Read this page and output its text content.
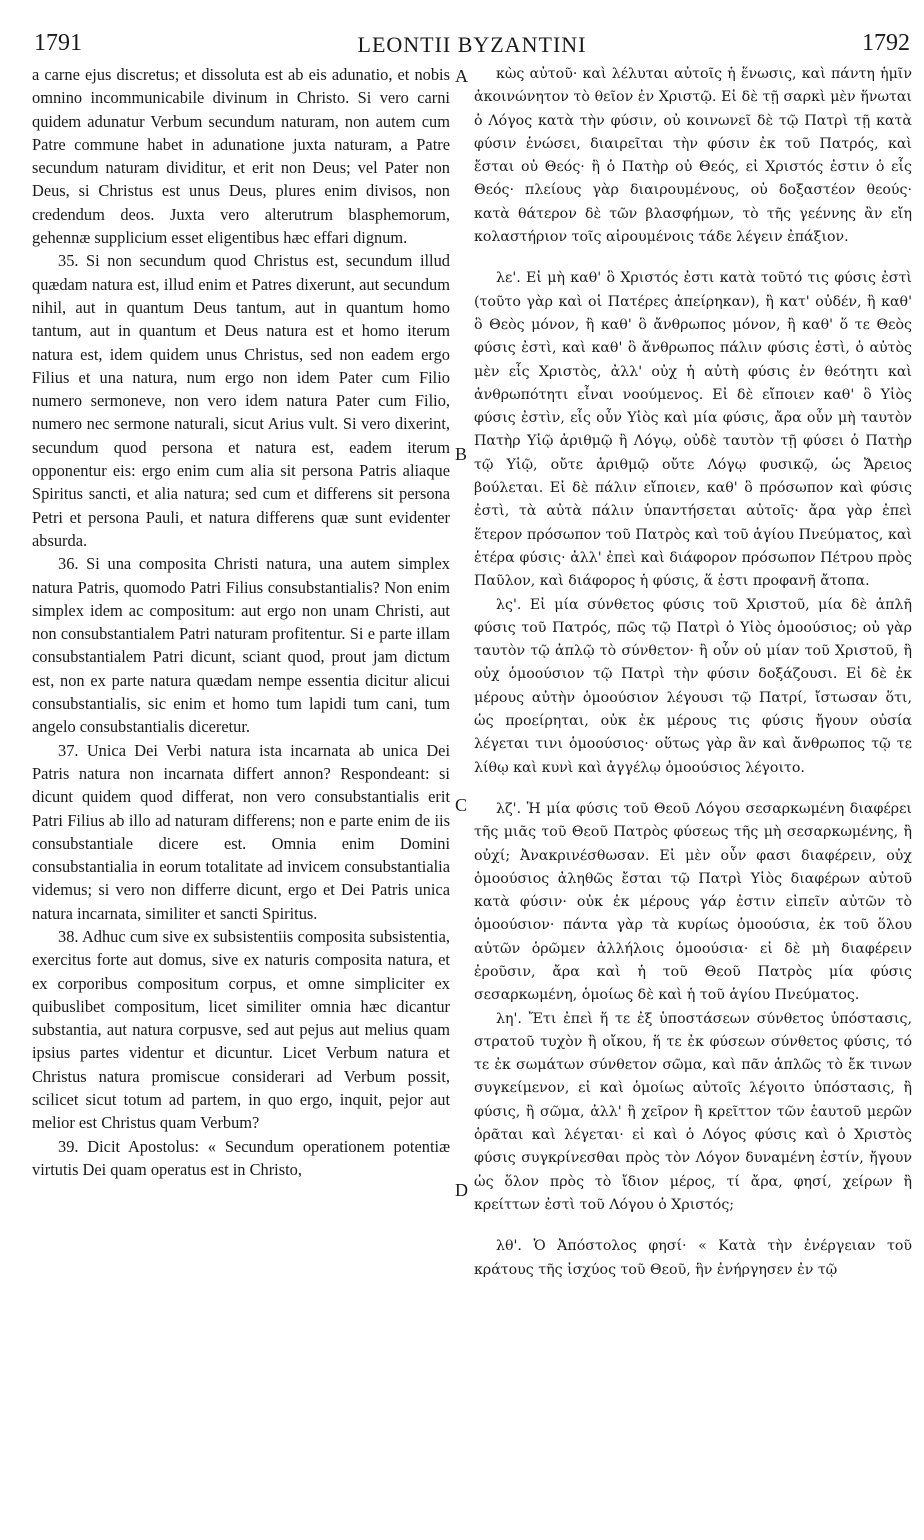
1791	LEONTII BYZANTINI	1792

a carne ejus discretus; et dissoluta est ab eis adunatio, et nobis omnino incommunicabile divinum in Christo. Si vero carni quidem adunatur Verbum secundum naturam, non autem cum Patre commune habet in adunatione juxta naturam, a Patre secundum naturam dividitur, et erit non Deus; vel Pater non Deus, si Christus est unus Deus, plures enim divisos, non credendum deos. Juxta vero alterutrum blasphemorum, gehennæ supplicium esset eligentibus hæc effari dignum.

35. Si non secundum quod Christus est, secundum illud quædam natura est, illud enim et Patres dixerunt, aut secundum nihil, aut in quantum Deus tantum, aut in quantum homo tantum, aut in quantum et Deus natura est et homo iterum natura est, idem quidem unus Christus, sed non eadem ergo Filius et una natura, num ergo non idem Pater cum Filio numero sermoneve, non vero idem natura Pater cum Filio, numero nec sermone naturali, sicut Arius vult. Si vero dixerint, secundum quod persona et natura est, eadem iterum opponentur eis: ergo enim cum alia sit persona Patris aliaque Spiritus sancti, et alia natura; sed cum et differens sit persona Petri et persona Pauli, et natura differens quæ sunt evidenter absurda.

36. Si una composita Christi natura, una autem simplex natura Patris, quomodo Patri Filius consubstantialis? Non enim simplex idem ac compositum: aut ergo non unam Christi, aut non consubstantialem Patri naturam profitentur. Si e parte illam consubstantialem Patri dicunt, sciant quod, prout jam dictum est, non ex parte natura quædam nempe essentia dicitur alicui consubstantialis, sic enim et homo tum lapidi tum cani, tum angelo consubstantialis diceretur.

37. Unica Dei Verbi natura ista incarnata ab unica Dei Patris natura non incarnata differt annon? Respondeant: si dicunt quidem quod differat, non vero consubstantialis erit Patri Filius ab illo ad naturam differens; non e parte enim de iis consubstantiale dicere est. Omnia enim Domini consubstantialia in eorum totalitate ad invicem consubstantialia videmus; si vero non differre dicunt, ergo et Dei Patris unica natura incarnata, similiter et sancti Spiritus.

38. Adhuc cum sive ex subsistentiis composita subsistentia, exercitus forte aut domus, sive ex naturis composita natura, et ex corporibus compositum corpus, et omne simpliciter ex quibuslibet compositum, licet similiter omnia hæc dicantur substantia, aut natura corpusve, sed aut pejus aut melius quam ipsius partes videntur et dicuntur. Licet Verbum natura et Christus natura promiscue considerari ad Verbum possit, scilicet sicut totum ad partem, in quo ergo, inquit, pejor aut melior est Christus quam Verbum?

39. Dicit Apostolus: « Secundum operationem potentiæ virtutis Dei quam operatus est in Christo,

A
B
C
D

κὼς αὐτοῦ· καὶ λέλυται αὐτοῖς ἡ ἕνωσις, καὶ πάντη ἡμῖν ἀκοινώνητον τὸ θεῖον ἐν Χριστῷ. Εἰ δὲ τῇ σαρκὶ μὲν ἥνωται ὁ Λόγος κατὰ τὴν φύσιν, οὐ κοινωνεῖ δὲ τῷ Πατρὶ τῇ κατὰ φύσιν ἑνώσει, διαιρεῖται τὴν φύσιν ἐκ τοῦ Πατρός, καὶ ἔσται οὐ Θεός· ἢ ὁ Πατὴρ οὐ Θεός, εἰ Χριστός ἐστιν ὁ εἷς Θεός· πλείους γὰρ διαιρουμένους, οὐ δοξαστέον θεούς· κατὰ θάτερον δὲ τῶν βλασφήμων, τὸ τῆς γεέννης ἂν εἴη κολαστήριον τοῖς αἱρουμένοις τάδε λέγειν ἐπάξιον.

λε'. Εἰ μὴ καθ' ὃ Χριστός ἐστι κατὰ τοῦτό τις φύσις ἐστὶ (τοῦτο γὰρ καὶ οἱ Πατέρες ἀπείρηκαν), ἢ κατ' οὐδέν, ἢ καθ' ὃ Θεὸς μόνον, ἢ καθ' ὃ ἄνθρωπος μόνον, ἢ καθ' ὅ τε Θεὸς φύσις ἐστὶ, καὶ καθ' ὃ ἄνθρωπος πάλιν φύσις ἐστὶ, ὁ αὐτὸς μὲν εἷς Χριστὸς, ἀλλ' οὐχ ἡ αὐτὴ φύσις ἐν θεότητι καὶ ἀνθρωπότητι εἶναι νοούμενος. Εἰ δὲ εἴποιεν καθ' ὃ Υἱὸς φύσις ἐστὶν, εἷς οὖν Υἱὸς καὶ μία φύσις, ἄρα οὖν μὴ ταυτὸν Πατὴρ Υἱῷ ἀριθμῷ ἢ Λόγῳ, οὐδὲ ταυτὸν τῇ φύσει ὁ Πατὴρ τῷ Υἱῷ, οὔτε ἀριθμῷ οὔτε Λόγῳ φυσικῷ, ὡς Ἄρειος βούλεται. Εἰ δὲ πάλιν εἴποιεν, καθ' ὃ πρόσωπον καὶ φύσις ἐστὶ, τὰ αὐτὰ πάλιν ὑπαντήσεται αὐτοῖς· ἄρα γὰρ ἐπεὶ ἕτερον πρόσωπον τοῦ Πατρὸς καὶ τοῦ ἁγίου Πνεύματος, καὶ ἑτέρα φύσις· ἀλλ' ἐπεὶ καὶ διάφορον πρόσωπον Πέτρου πρὸς Παῦλον, καὶ διάφορος ἡ φύσις, ἅ ἐστι προφανῆ ἄτοπα.

λς'. Εἰ μία σύνθετος φύσις τοῦ Χριστοῦ, μία δὲ ἁπλῆ φύσις τοῦ Πατρός, πῶς τῷ Πατρὶ ὁ Υἱὸς ὁμοούσιος; οὐ γὰρ ταυτὸν τῷ ἁπλῷ τὸ σύνθετον· ἢ οὖν οὐ μίαν τοῦ Χριστοῦ, ἢ οὐχ ὁμοούσιον τῷ Πατρὶ τὴν φύσιν δοξάζουσι. Εἰ δὲ ἐκ μέρους αὐτὴν ὁμοούσιον λέγουσι τῷ Πατρί, ἴστωσαν ὅτι, ὡς προείρηται, οὐκ ἐκ μέρους τις φύσις ἤγουν οὐσία λέγεται τινι ὁμοούσιος· οὕτως γὰρ ἂν καὶ ἄνθρωπος τῷ τε λίθῳ καὶ κυνὶ καὶ ἀγγέλῳ ὁμοούσιος λέγοιτο.

λζ'. Ἡ μία φύσις τοῦ Θεοῦ Λόγου σεσαρκωμένη διαφέρει τῆς μιᾶς τοῦ Θεοῦ Πατρὸς φύσεως τῆς μὴ σεσαρκωμένης, ἢ οὐχί; Ἀνακρινέσθωσαν. Εἰ μὲν οὖν φασι διαφέρειν, οὐχ ὁμοούσιος ἀληθῶς ἔσται τῷ Πατρὶ Υἱὸς διαφέρων αὐτοῦ κατὰ φύσιν· οὐκ ἐκ μέρους γάρ ἐστιν εἰπεῖν αὐτῶν τὸ ὁμοούσιον· πάντα γὰρ τὰ κυρίως ὁμοούσια, ἐκ τοῦ ὅλου αὐτῶν ὁρῶμεν ἀλλήλοις ὁμοούσια· εἰ δὲ μὴ διαφέρειν ἐροῦσιν, ἄρα καὶ ἡ τοῦ Θεοῦ Πατρὸς μία φύσις σεσαρκωμένη, ὁμοίως δὲ καὶ ἡ τοῦ ἁγίου Πνεύματος.

λη'. Ἔτι ἐπεὶ ἥ τε ἐξ ὑποστάσεων σύνθετος ὑπόστασις, στρατοῦ τυχὸν ἢ οἴκου, ἥ τε ἐκ φύσεων σύνθετος φύσις, τό τε ἐκ σωμάτων σύνθετον σῶμα, καὶ πᾶν ἁπλῶς τὸ ἔκ τινων συγκείμενον, εἰ καὶ ὁμοίως αὐτοῖς λέγοιτο ὑπόστασις, ἢ φύσις, ἢ σῶμα, ἀλλ' ἢ χεῖρον ἢ κρεῖττον τῶν ἑαυτοῦ μερῶν ὁρᾶται καὶ λέγεται· εἰ καὶ ὁ Λόγος φύσις καὶ ὁ Χριστὸς φύσις συγκρίνεσθαι πρὸς τὸν Λόγον δυναμένη ἐστίν, ἤγουν ὡς ὅλον πρὸς τὸ ἴδιον μέρος, τί ἄρα, φησί, χείρων ἢ κρείττων ἐστὶ τοῦ Λόγου ὁ Χριστός;

λθ'. Ὁ Ἀπόστολος φησί· « Κατὰ τὴν ἐνέργειαν τοῦ κράτους τῆς ἰσχύος τοῦ Θεοῦ, ἣν ἐνήργησεν ἐν τῷ
